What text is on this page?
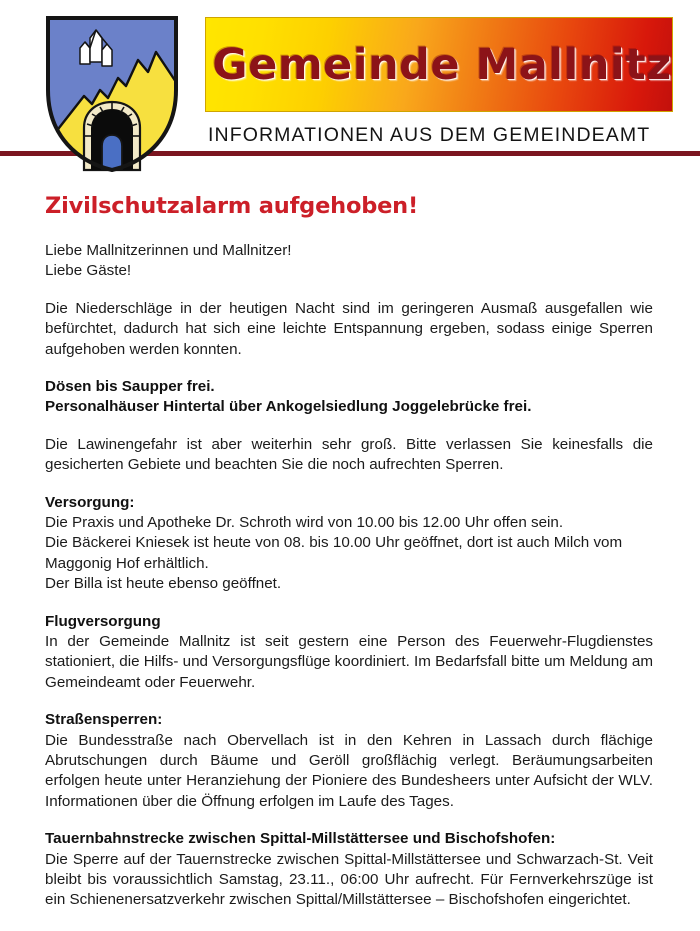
Gemeinde Mallnitz
INFORMATIONEN AUS DEM GEMEINDEAMT
Zivilschutzalarm aufgehoben!
Liebe Mallnitzerinnen und Mallnitzer!
Liebe Gäste!

Die Niederschläge in der heutigen Nacht sind im geringeren Ausmaß ausgefallen wie befürchtet, dadurch hat sich eine leichte Entspannung ergeben, sodass einige Sperren aufgehoben werden konnten.

Dösen bis Saupper frei.
Personalhäuser Hintertal über Ankogelsiedlung Joggelebrücke frei.

Die Lawinengefahr ist aber weiterhin sehr groß. Bitte verlassen Sie keinesfalls die gesicherten Gebiete und beachten Sie die noch aufrechten Sperren.

Versorgung:
Die Praxis und Apotheke Dr. Schroth wird von 10.00 bis 12.00 Uhr offen sein.
Die Bäckerei Kniesek ist heute von 08. bis 10.00 Uhr geöffnet, dort ist auch Milch vom Maggonig Hof erhältlich.
Der Billa ist heute ebenso geöffnet.
Flugversorgung
In der Gemeinde Mallnitz ist seit gestern eine Person des Feuerwehr-Flugdienstes stationiert, die Hilfs- und Versorgungsflüge koordiniert. Im Bedarfsfall bitte um Meldung am Gemeindeamt oder Feuerwehr.
Straßensperren:
Die Bundesstraße nach Obervellach ist in den Kehren in Lassach durch flächige Abrutschungen durch Bäume und Geröll großflächig verlegt. Beräumungsarbeiten erfolgen heute unter Heranziehung der Pioniere des Bundesheers unter Aufsicht der WLV. Informationen über die Öffnung erfolgen im Laufe des Tages.
Tauernbahnstrecke zwischen Spittal-Millstättersee und Bischofshofen:
Die Sperre auf der Tauernstrecke zwischen Spittal-Millstättersee und Schwarzach-St. Veit bleibt bis voraussichtlich Samstag, 23.11., 06:00 Uhr aufrecht. Für Fernverkehrszüge ist ein Schienenersatzverkehr zwischen Spittal/Millstättersee – Bischofshofen eingerichtet.
